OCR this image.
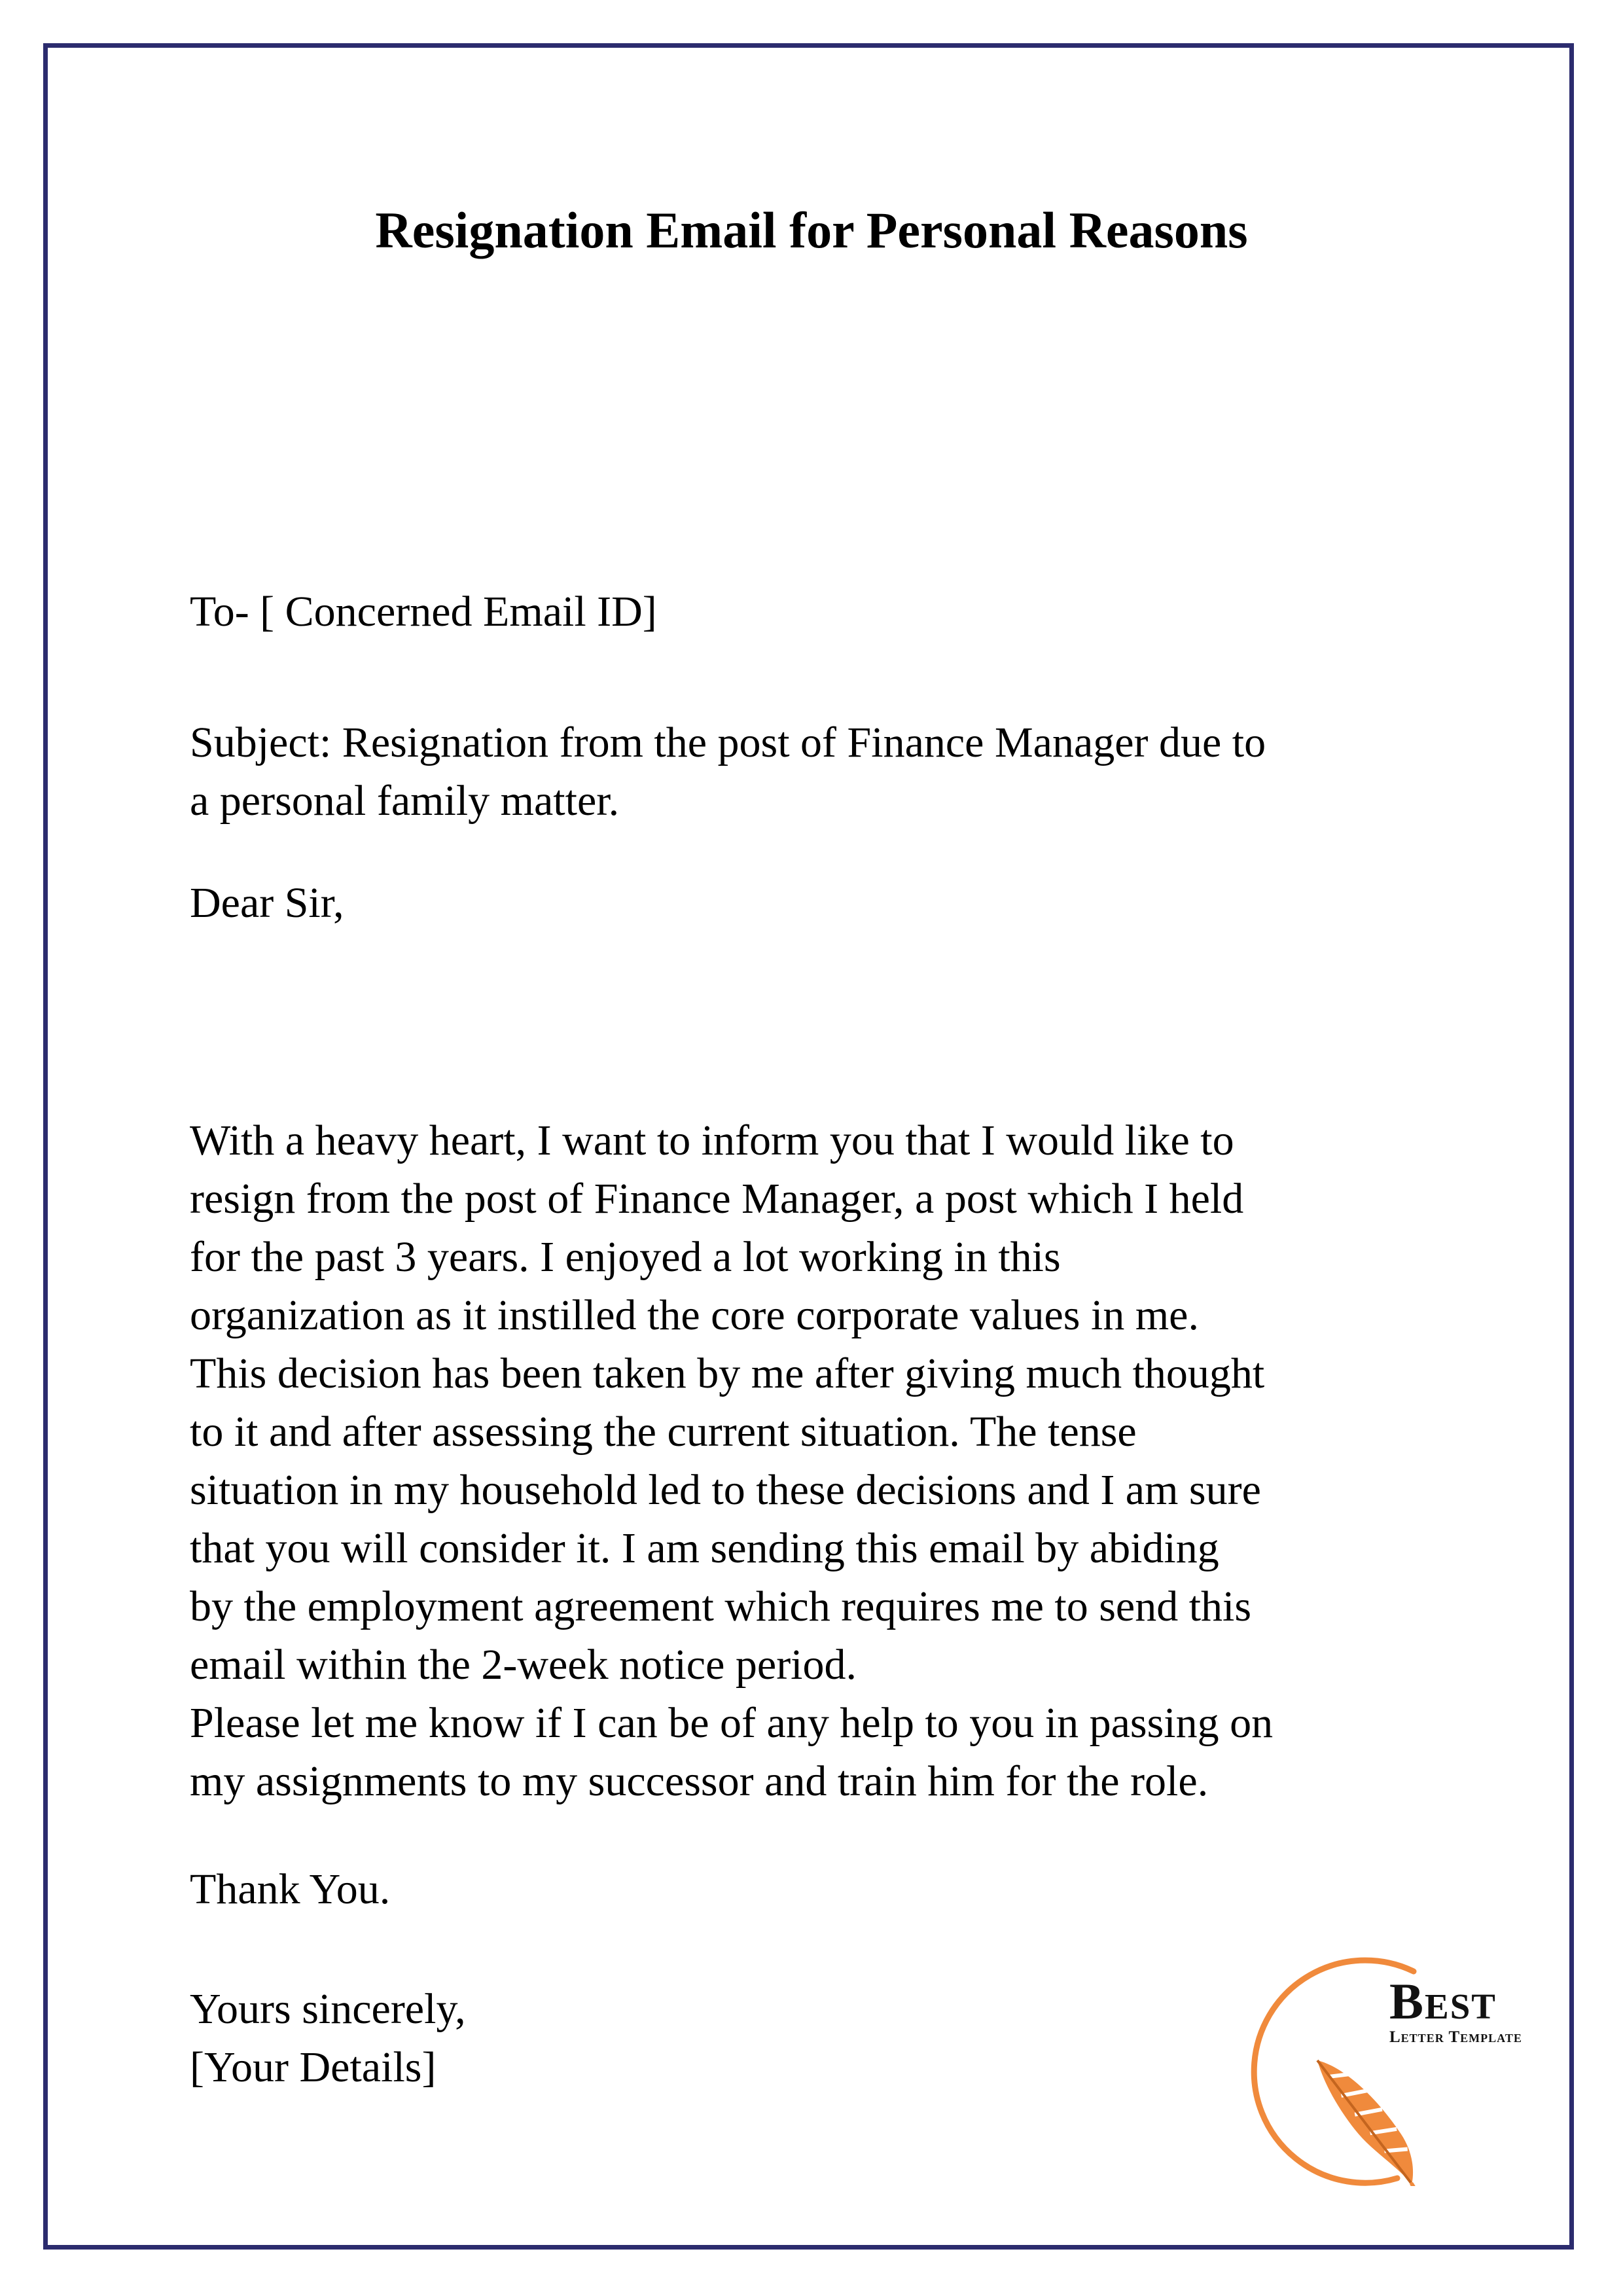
Resignation Email for Personal Reasons

To- [ Concerned Email ID]

Subject: Resignation from the post of Finance Manager due to
a personal family matter.

Dear Sir,

With a heavy heart, I want to inform you that I would like to
resign from the post of Finance Manager, a post which I held
for the past 3 years. I enjoyed a lot working in this
organization as it instilled the core corporate values in me.
This decision has been taken by me after giving much thought
to it and after assessing the current situation. The tense
situation in my household led to these decisions and I am sure
that you will consider it. I am sending this email by abiding
by the employment agreement which requires me to send this
email within the 2-week notice period.
Please let me know if I can be of any help to you in passing on
my assignments to my successor and train him for the role.

Thank You.

Yours sincerely,
[Your Details]

Best
Letter Template
